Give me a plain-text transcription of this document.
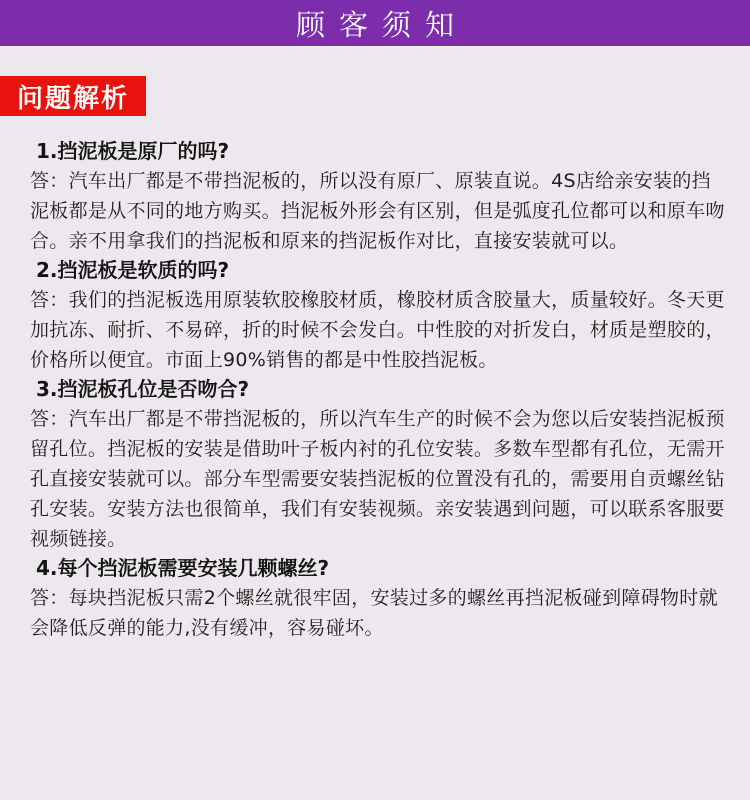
顾客须知
问题解析

1.挡泥板是原厂的吗?

答：汽车出厂都是不带挡泥板的，所以没有原厂、原装直说。4S店给亲安装的挡泥板都是从不同的地方购买。挡泥板外形会有区别，但是弧度孔位都可以和原车吻合。亲不用拿我们的挡泥板和原来的挡泥板作对比，直接安装就可以。

2.挡泥板是软质的吗?

答：我们的挡泥板选用原装软胶橡胶材质，橡胶材质含胶量大，质量较好。冬天更加抗冻、耐折、不易碎，折的时候不会发白。中性胶的对折发白，材质是塑胶的，价格所以便宜。市面上90%销售的都是中性胶挡泥板。

3.挡泥板孔位是否吻合?

答：汽车出厂都是不带挡泥板的，所以汽车生产的时候不会为您以后安装挡泥板预留孔位。挡泥板的安装是借助叶子板内衬的孔位安装。多数车型都有孔位，无需开孔直接安装就可以。部分车型需要安装挡泥板的位置没有孔的，需要用自贡螺丝钻孔安装。安装方法也很简单，我们有安装视频。亲安装遇到问题，可以联系客服要视频链接。

4.每个挡泥板需要安装几颗螺丝?

答：每块挡泥板只需2个螺丝就很牢固，安装过多的螺丝再挡泥板碰到障碍物时就会降低反弹的能力,没有缓冲，容易碰坏。
